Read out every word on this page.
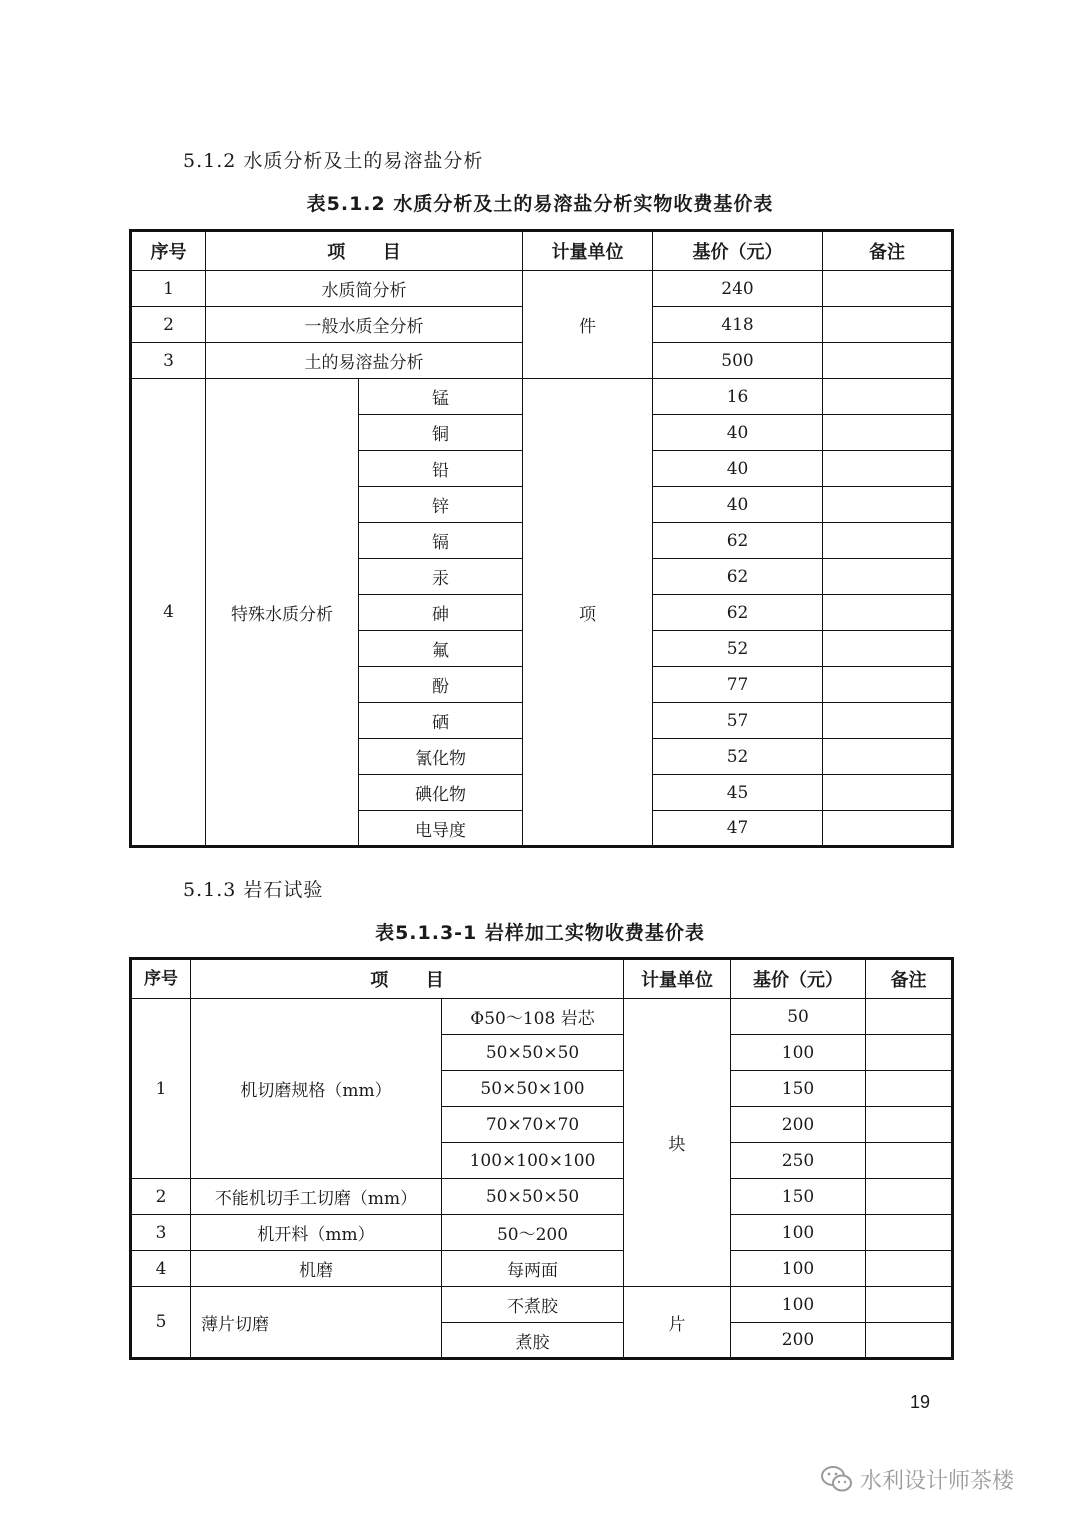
5.1.2 水质分析及土的易溶盐分析
表5.1.2 水质分析及土的易溶盐分析实物收费基价表
序号	项      目		计量单位	基价（元）	备注
1	水质简分析		件	240	
2	一般水质全分析			418	
3	土的易溶盐分析			500	
4	特殊水质分析	锰	项	16	
		铜		40	
		铅		40	
		锌		40	
		镉		62	
		汞		62	
		砷		62	
		氟		52	
		酚		77	
		硒		57	
		氰化物		52	
		碘化物		45	
		电导度		47	
5.1.3 岩石试验
表5.1.3-1 岩样加工实物收费基价表
序号	项      目		计量单位	基价（元）	备注
1	机切磨规格（mm）	Φ50～108 岩芯	块	50	
		50×50×50		100	
		50×50×100		150	
		70×70×70		200	
		100×100×100		250	
2	不能机切手工切磨（mm）	50×50×50		150	
3	机开料（mm）	50～200		100	
4	机磨	每两面		100	
5	薄片切磨	不煮胶	片	100	
		煮胶		200	
19
水利设计师茶楼
